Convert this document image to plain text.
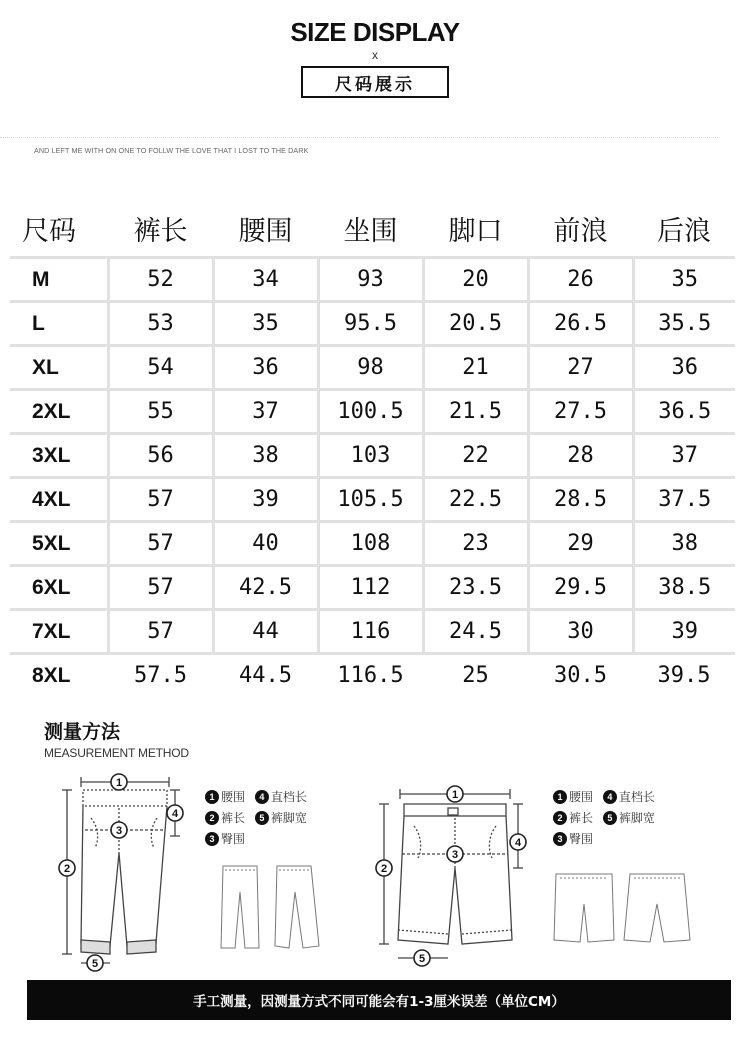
SIZE DISPLAY
x
尺码展示
AND LEFT ME WITH ON ONE TO FOLLW THE LOVE THAT I LOST TO THE DARK
尺码	裤长	腰围	坐围	脚口	前浪	后浪
M	52	34	93	20	26	35
L	53	35	95.5	20.5	26.5	35.5
XL	54	36	98	21	27	36
2XL	55	37	100.5	21.5	27.5	36.5
3XL	56	38	103	22	28	37
4XL	57	39	105.5	22.5	28.5	37.5
5XL	57	40	108	23	29	38
6XL	57	42.5	112	23.5	29.5	38.5
7XL	57	44	116	24.5	30	39
8XL	57.5	44.5	116.5	25	30.5	39.5
测量方法
MEASUREMENT METHOD
1
2
3
4
5
1 腰围
	4 直档长

2 裤长
	5 裤脚宽

3 臀围
1
2
3
4
5
1 腰围
	4 直档长

2 裤长
	5 裤脚宽

3 臀围
手工测量，因测量方式不同可能会有1-3厘米误差（单位CM）
